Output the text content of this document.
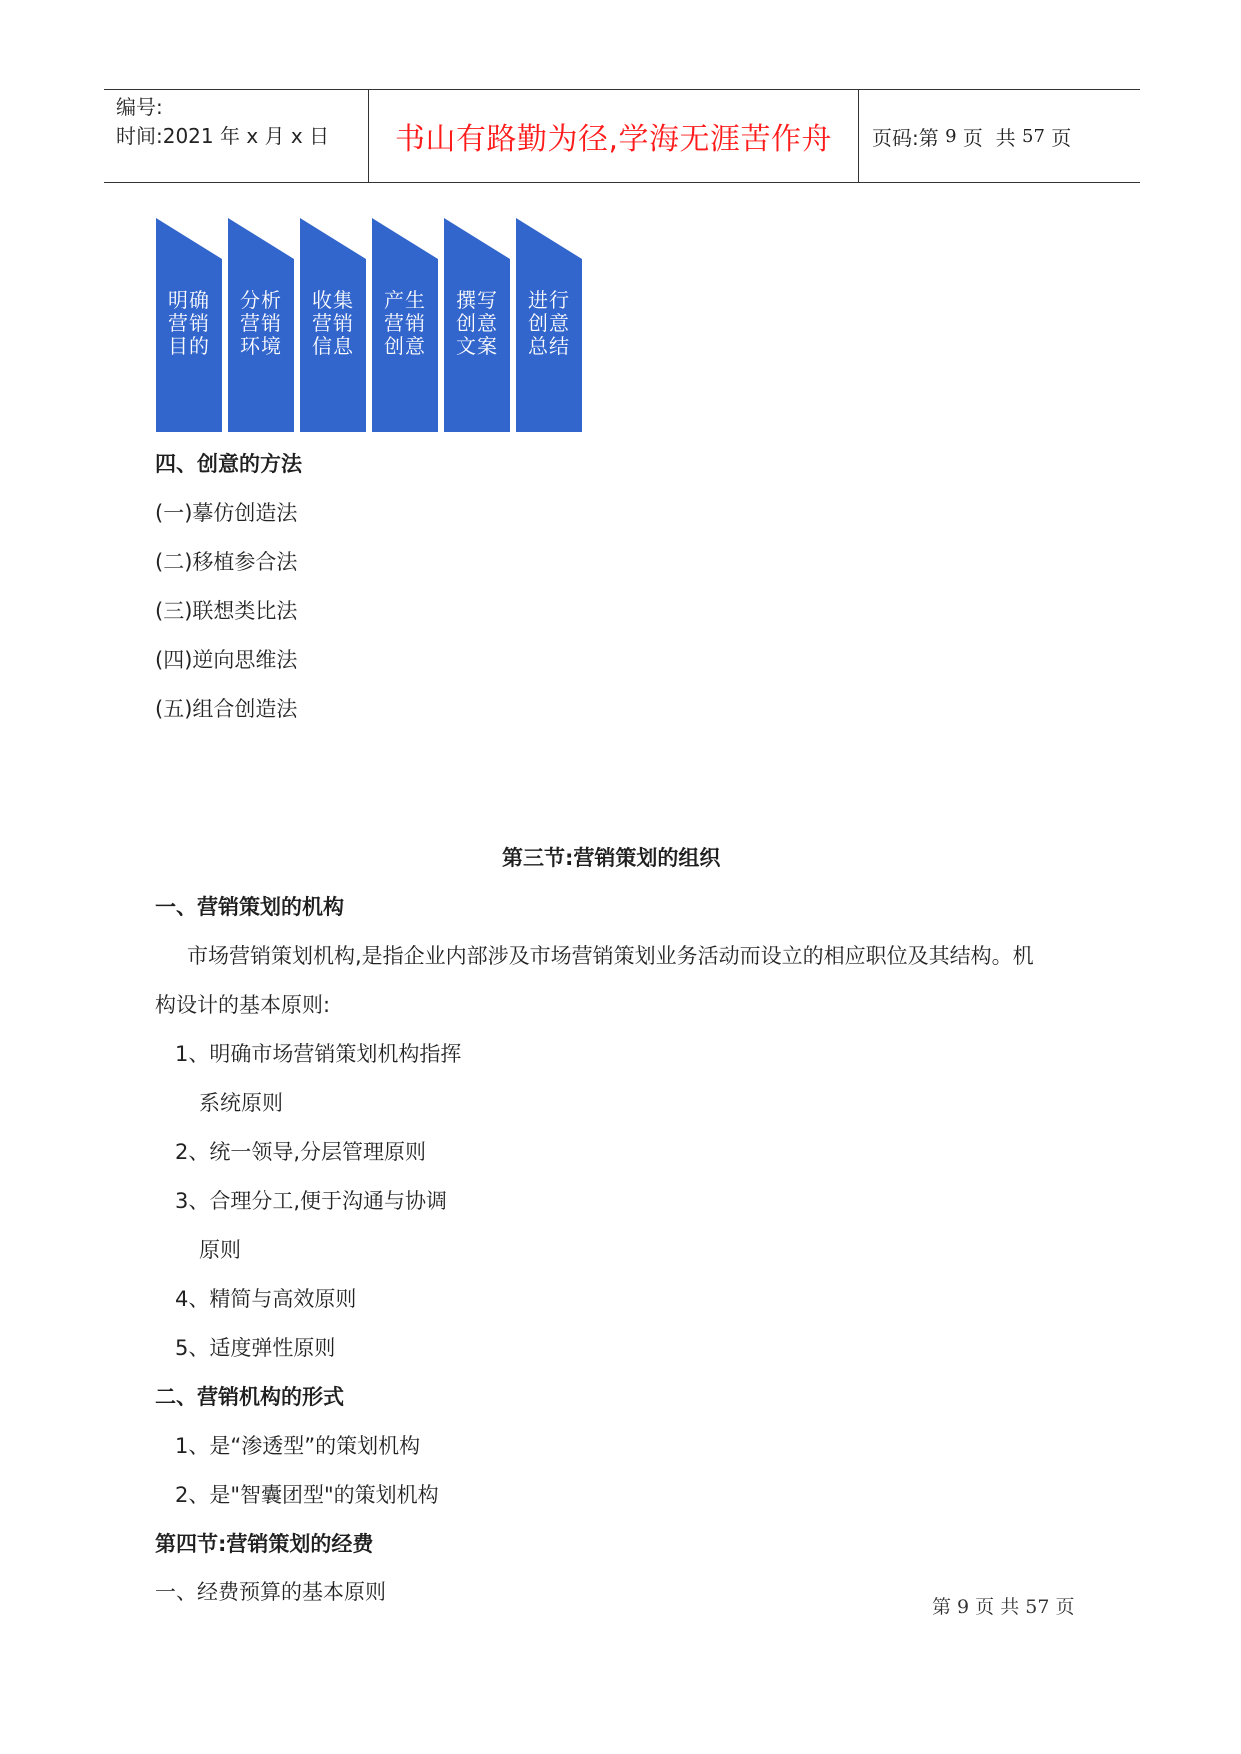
编号:
时间:2021 年 x 月 x 日	书山有路勤为径,学海无涯苦作舟	页码:第 9 页  共 57 页
明确
营销
目的
分析
营销
环境
收集
营销
信息
产生
营销
创意
撰写
创意
文案
进行
创意
总结
四、创意的方法
(一)摹仿创造法
(二)移植参合法
(三)联想类比法
(四)逆向思维法
(五)组合创造法
第三节:营销策划的组织
一、营销策划的机构
市场营销策划机构,是指企业内部涉及市场营销策划业务活动而设立的相应职位及其结构。机
构设计的基本原则:
1、明确市场营销策划机构指挥
系统原则
2、统一领导,分层管理原则
3、合理分工,便于沟通与协调
原则
4、精简与高效原则
5、适度弹性原则
二、营销机构的形式
1、是“渗透型”的策划机构
2、是"智囊团型"的策划机构
第四节:营销策划的经费
一、经费预算的基本原则
第 9 页 共 57 页
